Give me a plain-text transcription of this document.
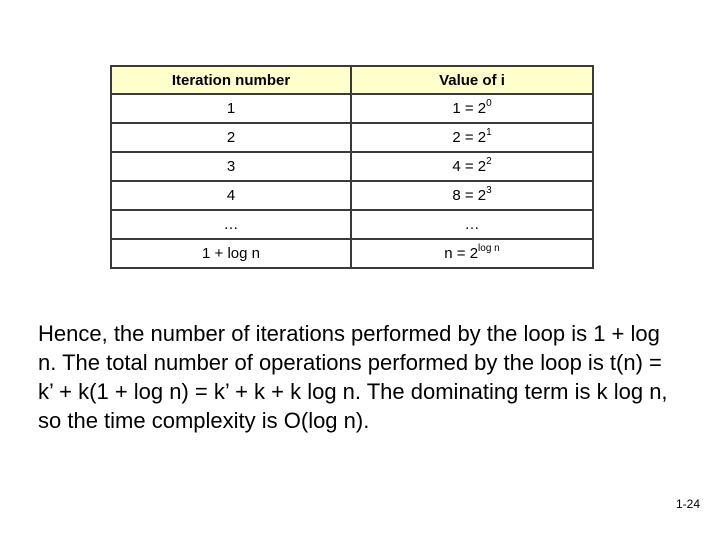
Iteration number	Value of i
1	$1 = 2^0$
2	$2 = 2^1$
3	$4 = 2^2$
4	$8 = 2^3$
…	…
1 + log n	$n = 2^{log n}$
Hence, the number of iterations performed by the loop is 1 + log n. The total number of operations performed by the loop is t(n) = k’ + k(1 + log n) = k’ + k + k log n. The dominating term is k log n, so the time complexity is O(log n).
1-24
